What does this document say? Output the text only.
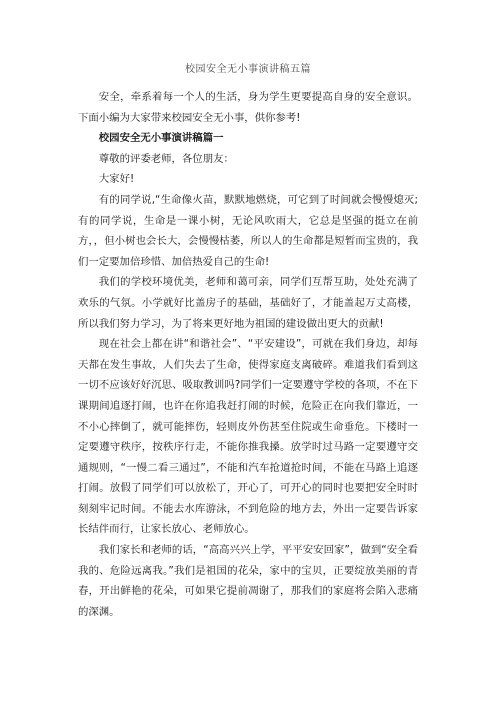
校园安全无小事演讲稿五篇

安全，牵系着每一个人的生活，身为学生更要提高自身的安全意识。下面小编为大家带来校园安全无小事，供你参考!

校园安全无小事演讲稿篇一

尊敬的评委老师，各位朋友：

大家好!

有的同学说,“生命像火苗，默默地燃烧，可它到了时间就会慢慢熄灭;有的同学说，生命是一课小树，无论风吹雨大，它总是坚强的挺立在前方，，但小树也会长大，会慢慢枯萎，所以人的生命都是短暂而宝贵的，我们一定要加倍珍惜、加倍热爱自己的生命!

我们的学校环境优美，老师和蔼可亲，同学们互帮互助，处处充满了欢乐的气氛。小学就好比盖房子的基础，基础好了，才能盖起万丈高楼，所以我们努力学习，为了将来更好地为祖国的建设做出更大的贡献!

现在社会上都在讲“和谐社会”、“平安建设”，可就在我们身边，却每天都在发生事故，人们失去了生命，使得家庭支离破碎。难道我们看到这一切不应该好好沉思、吸取教训吗?同学们一定要遵守学校的各项，不在下课期间追逐打闹，也许在你追我赶打闹的时候，危险正在向我们靠近，一不小心摔倒了，就可能摔伤，轻则皮外伤甚至住院或生命垂危。下楼时一定要遵守秩序，按秩序行走，不能你推我搡。放学时过马路一定要遵守交通规则，“一慢二看三通过”，不能和汽车抢道抢时间，不能在马路上追逐打闹。放假了同学们可以放松了，开心了，可开心的同时也要把安全时时刻刻牢记时间。不能去水库游泳，不到危险的地方去，外出一定要告诉家长结伴而行，让家长放心、老师放心。

我们家长和老师的话，“高高兴兴上学，平平安安回家”，做到“安全看我的、危险远离我。”我们是祖国的花朵，家中的宝贝，正要绽放美丽的青春，开出鲜艳的花朵，可如果它提前凋谢了，那我们的家庭将会陷入悲痛的深渊。
